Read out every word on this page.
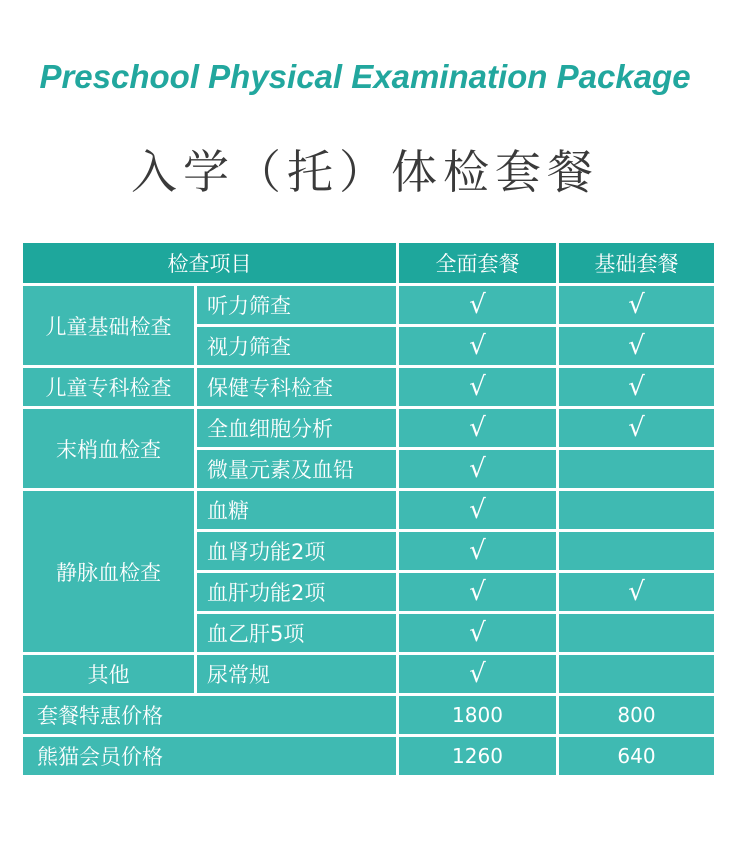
Preschool Physical Examination Package
入学（托）体检套餐
检查项目		全面套餐	基础套餐
儿童基础检查	听力筛查	√	√
	视力筛查	√	√
儿童专科检查	保健专科检查	√	√
末梢血检查	全血细胞分析	√	√
	微量元素及血铅	√	
静脉血检查	血糖	√	
	血肾功能2项	√	
	血肝功能2项	√	√
	血乙肝5项	√	
其他	尿常规	√	
套餐特惠价格		1800	800
熊猫会员价格		1260	640
